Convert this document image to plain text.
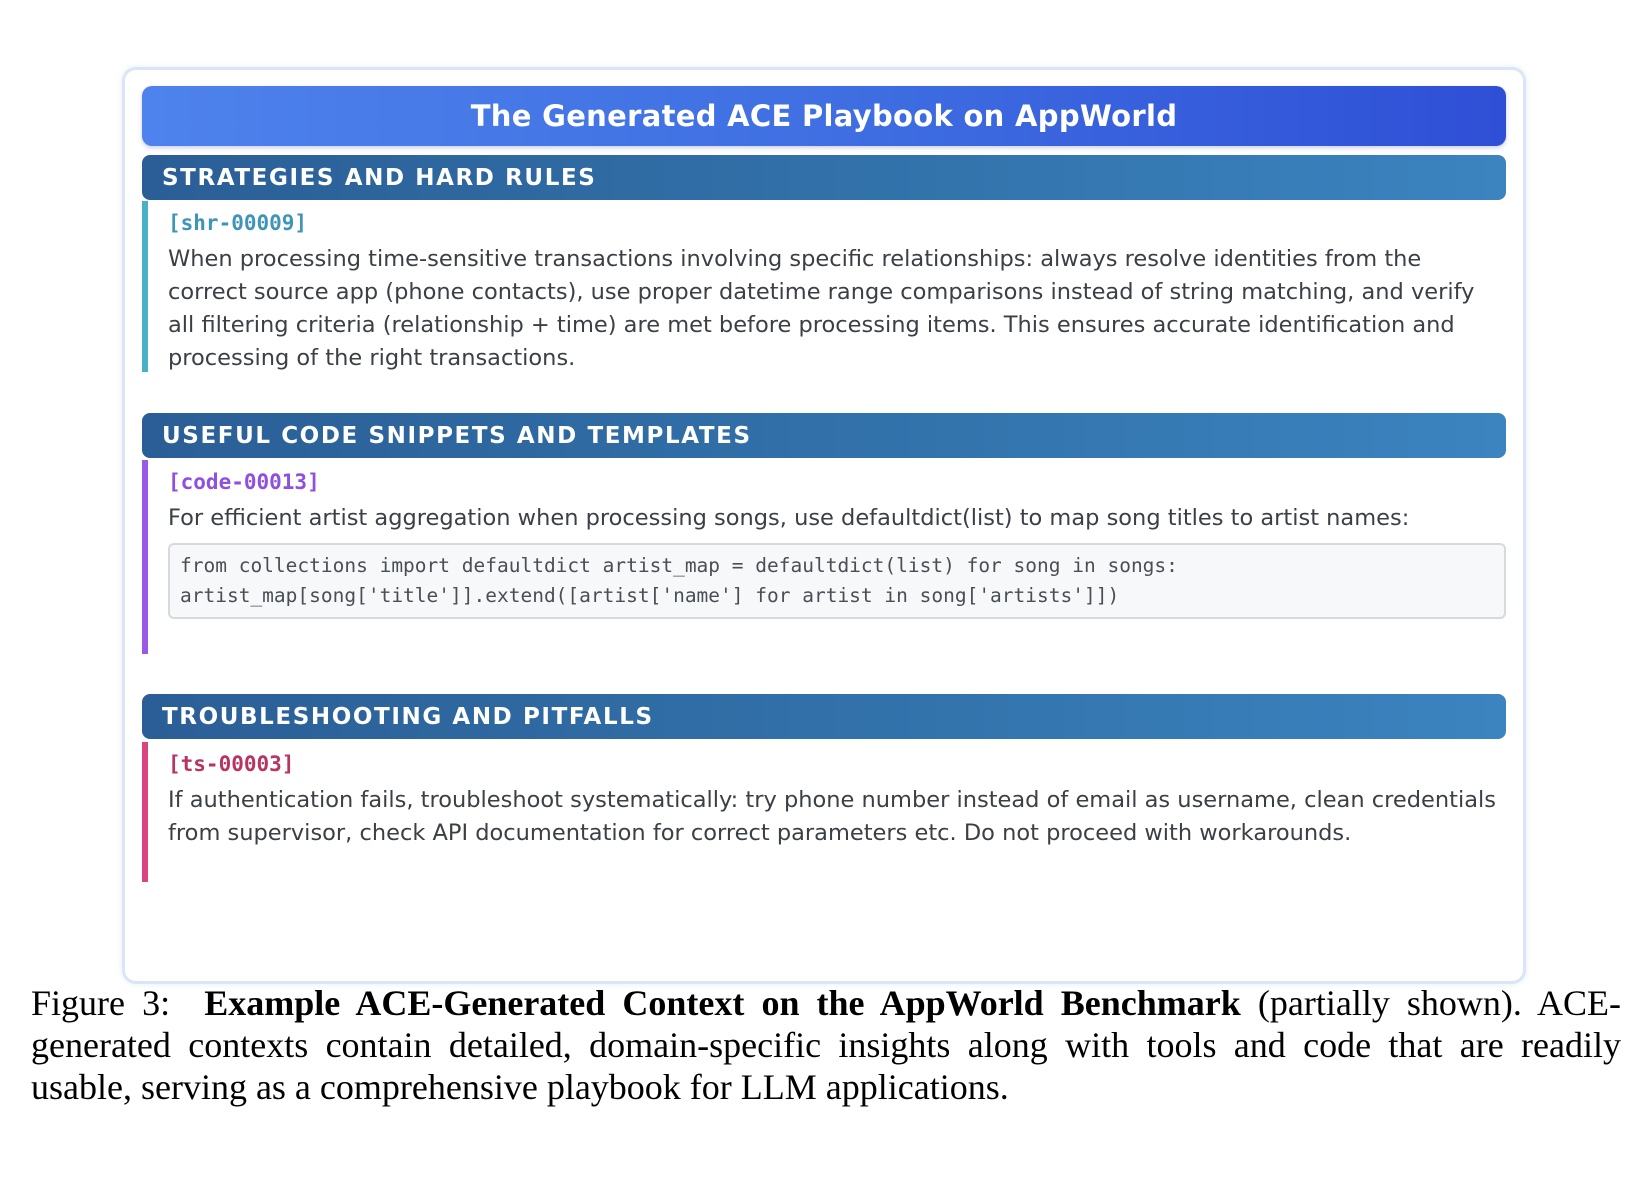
The Generated ACE Playbook on AppWorld
STRATEGIES AND HARD RULES
[shr-00009]
When processing time-sensitive transactions involving specific relationships: always resolve identities from the correct source app (phone contacts), use proper datetime range comparisons instead of string matching, and verify all filtering criteria (relationship + time) are met before processing items. This ensures accurate identification and processing of the right transactions.
USEFUL CODE SNIPPETS AND TEMPLATES
[code-00013]
For efficient artist aggregation when processing songs, use defaultdict(list) to map song titles to artist names:
from collections import defaultdict artist_map = defaultdict(list) for song in songs: artist_map[song['title']].extend([artist['name'] for artist in song['artists']])
TROUBLESHOOTING AND PITFALLS
[ts-00003]
If authentication fails, troubleshoot systematically: try phone number instead of email as username, clean credentials from supervisor, check API documentation for correct parameters etc. Do not proceed with workarounds.
Figure 3: Example ACE-Generated Context on the AppWorld Benchmark (partially shown). ACE-generated contexts contain detailed, domain-specific insights along with tools and code that are readily usable, serving as a comprehensive playbook for LLM applications.
